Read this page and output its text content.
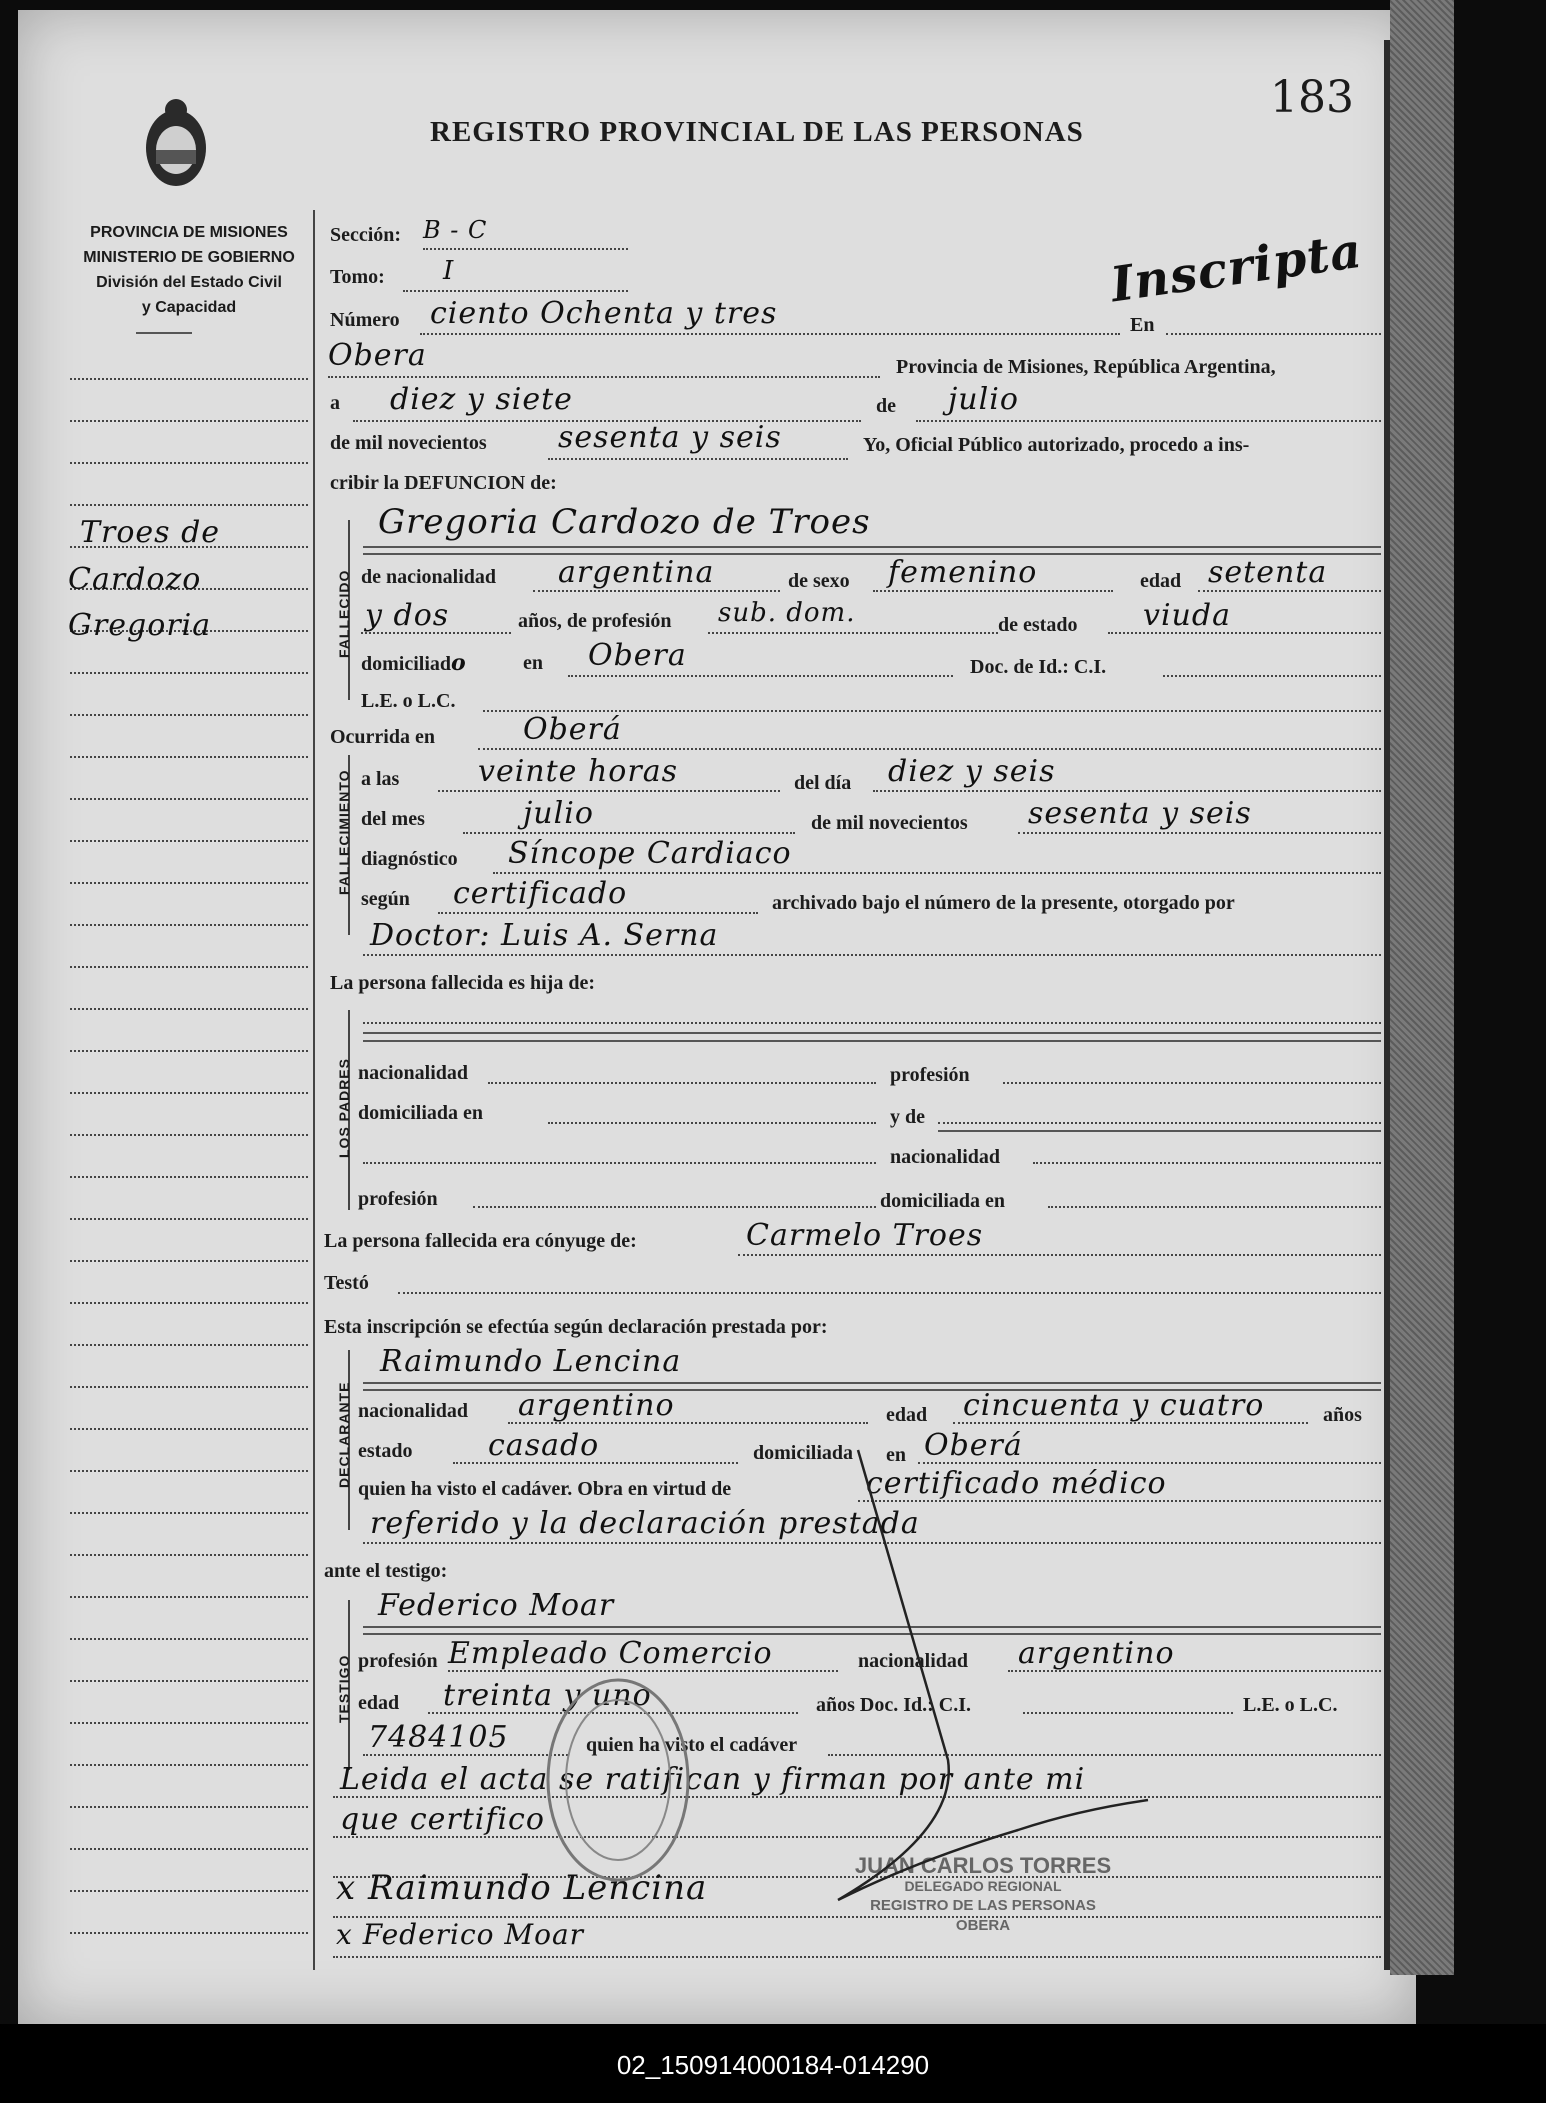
REGISTRO PROVINCIAL DE LAS PERSONAS
183
Inscripta
PROVINCIA DE MISIONES
MINISTERIO DE GOBIERNO
División del Estado Civil
y Capacidad
Troes de
Cardozo
Gregoria	FALLECIDO
FALLECIMIENTO
LOS PADRES
DECLARANTE
TESTIGO
Sección: B - C
Tomo: I
Número ciento Ochenta y tres	En
Obera	Provincia de Misiones, República Argentina,
a diez y siete	de julio
de mil novecientos sesenta y seis	Yo, Oficial Público autorizado, procedo a ins-
cribir la DEFUNCION de:
Gregoria Cardozo de Troes
de nacionalidad argentina	de sexo femenino	edad setenta
y dos	años, de profesión sub. dom.	de estado viuda
domiciliado	en Obera	Doc. de Id.: C.I.
L.E. o L.C.
Ocurrida en	Oberá
a las	veinte horas	del día diez y seis
del mes	julio	de mil novecientos sesenta y seis
diagnóstico Síncope Cardiaco
según certificado	archivado bajo el número de la presente, otorgado por
Doctor: Luis A. Serna
La persona fallecida es hija de:
nacionalidad	profesión
domiciliada en	y de
nacionalidad
profesión	domiciliada en
La persona fallecida era cónyuge de:	Carmelo Troes
Testó
Esta inscripción se efectúa según declaración prestada por:
Raimundo Lencina
nacionalidad argentino	edad cincuenta y cuatro	años
estado	casado	domiciliada en Oberá
quien ha visto el cadáver. Obra en virtud de	certificado médico
referido y la declaración prestada
ante el testigo:
Federico Moar
profesión Empleado Comercio	nacionalidad argentino
edad treinta y uno	años Doc. Id.: C.I.	L.E. o L.C.
7484105	quien ha visto el cadáver
Leida el acta se ratifican y firman por ante mi
que certifico
x Raimundo Lencina
x Federico Moar
JUAN CARLOS TORRES
DELEGADO REGIONAL
REGISTRO DE LAS PERSONAS
OBERA
02_150914000184-014290
